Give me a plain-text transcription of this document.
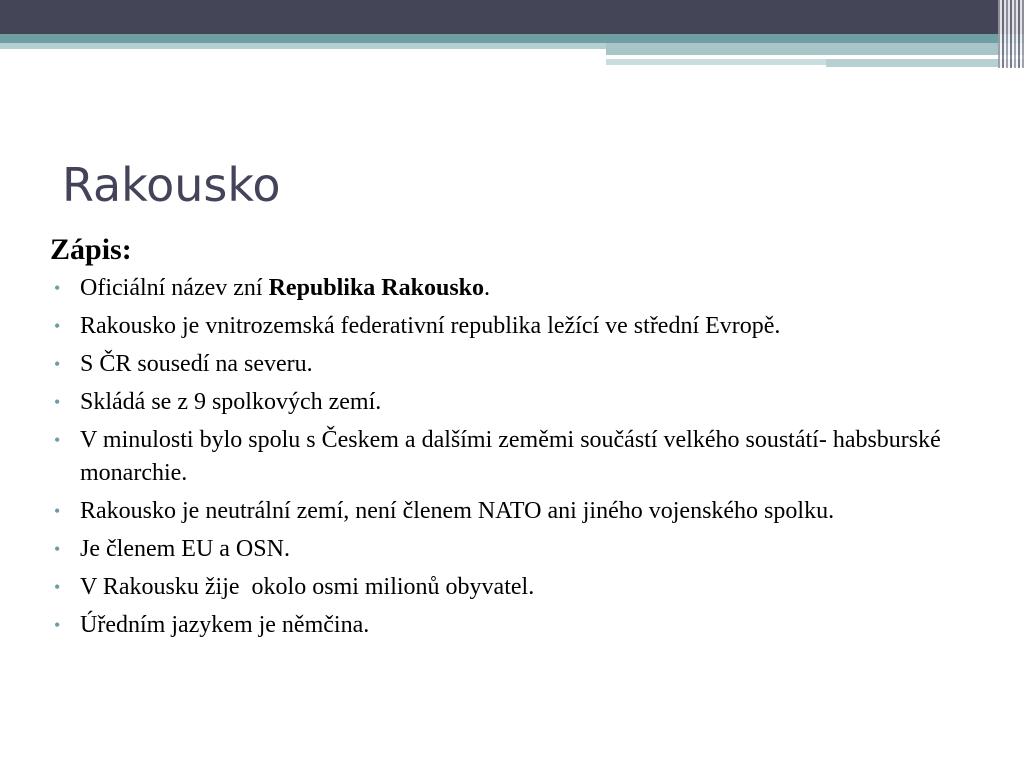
Rakousko
Zápis:
• Oficiální název zní Republika Rakousko.
• Rakousko je vnitrozemská federativní republika ležící ve střední Evropě.
• S ČR sousedí na severu.
• Skládá se z 9 spolkových zemí.
• V minulosti bylo spolu s Českem a dalšími zeměmi součástí velkého soustátí- habsburské monarchie.
• Rakousko je neutrální zemí, není členem NATO ani jiného vojenského spolku.
• Je členem EU a OSN.
• V Rakousku žije  okolo osmi milionů obyvatel.
• Úředním jazykem je němčina.
